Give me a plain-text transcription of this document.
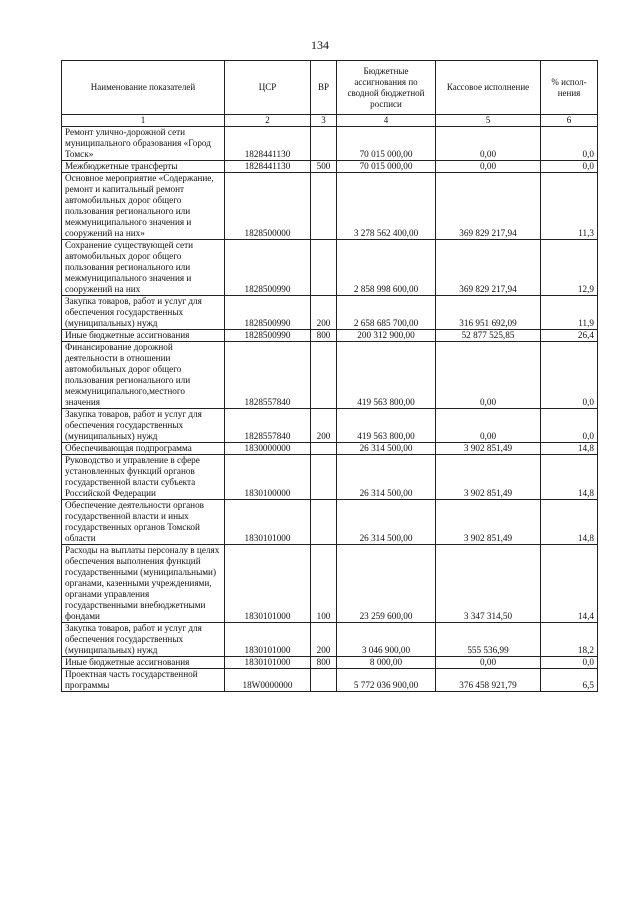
134
Наименование показателей	ЦСР	ВР	Бюджетные ассигнования по сводной бюджетной росписи	Кассовое исполнение	% испол-нения
1	2	3	4	5	6
Ремонт улично-дорожной сети муниципального образования «Город Томск»	1828441130		70 015 000,00	0,00	0,0
Межбюджетные трансферты	1828441130	500	70 015 000,00	0,00	0,0
Основное мероприятие «Содержание, ремонт и капитальный ремонт автомобильных дорог общего пользования регионального или межмуниципального значения и сооружений на них»	1828500000		3 278 562 400,00	369 829 217,94	11,3
Сохранение существующей сети автомобильных дорог общего пользования регионального или межмуниципального значения и сооружений на них	1828500990		2 858 998 600,00	369 829 217,94	12,9
Закупка товаров, работ и услуг для обеспечения государственных (муниципальных) нужд	1828500990	200	2 658 685 700,00	316 951 692,09	11,9
Иные бюджетные ассигнования	1828500990	800	200 312 900,00	52 877 525,85	26,4
Финансирование дорожной деятельности в отношении автомобильных дорог общего пользования регионального или межмуниципального,местного значения	1828557840		419 563 800,00	0,00	0,0
Закупка товаров, работ и услуг для обеспечения государственных (муниципальных) нужд	1828557840	200	419 563 800,00	0,00	0,0
Обеспечивающая подпрограмма	1830000000		26 314 500,00	3 902 851,49	14,8
Руководство и управление в сфере установленных функций органов государственной власти субъекта Российской Федерации	1830100000		26 314 500,00	3 902 851,49	14,8
Обеспечение деятельности органов государственной власти и иных государственных органов Томской области	1830101000		26 314 500,00	3 902 851,49	14,8
Расходы на выплаты персоналу в целях обеспечения выполнения функций государственными (муниципальными) органами, казенными учреждениями, органами управления государственными внебюджетными фондами	1830101000	100	23 259 600,00	3 347 314,50	14,4
Закупка товаров, работ и услуг для обеспечения государственных (муниципальных) нужд	1830101000	200	3 046 900,00	555 536,99	18,2
Иные бюджетные ассигнования	1830101000	800	8 000,00	0,00	0,0
Проектная часть государственной программы	18W0000000		5 772 036 900,00	376 458 921,79	6,5
